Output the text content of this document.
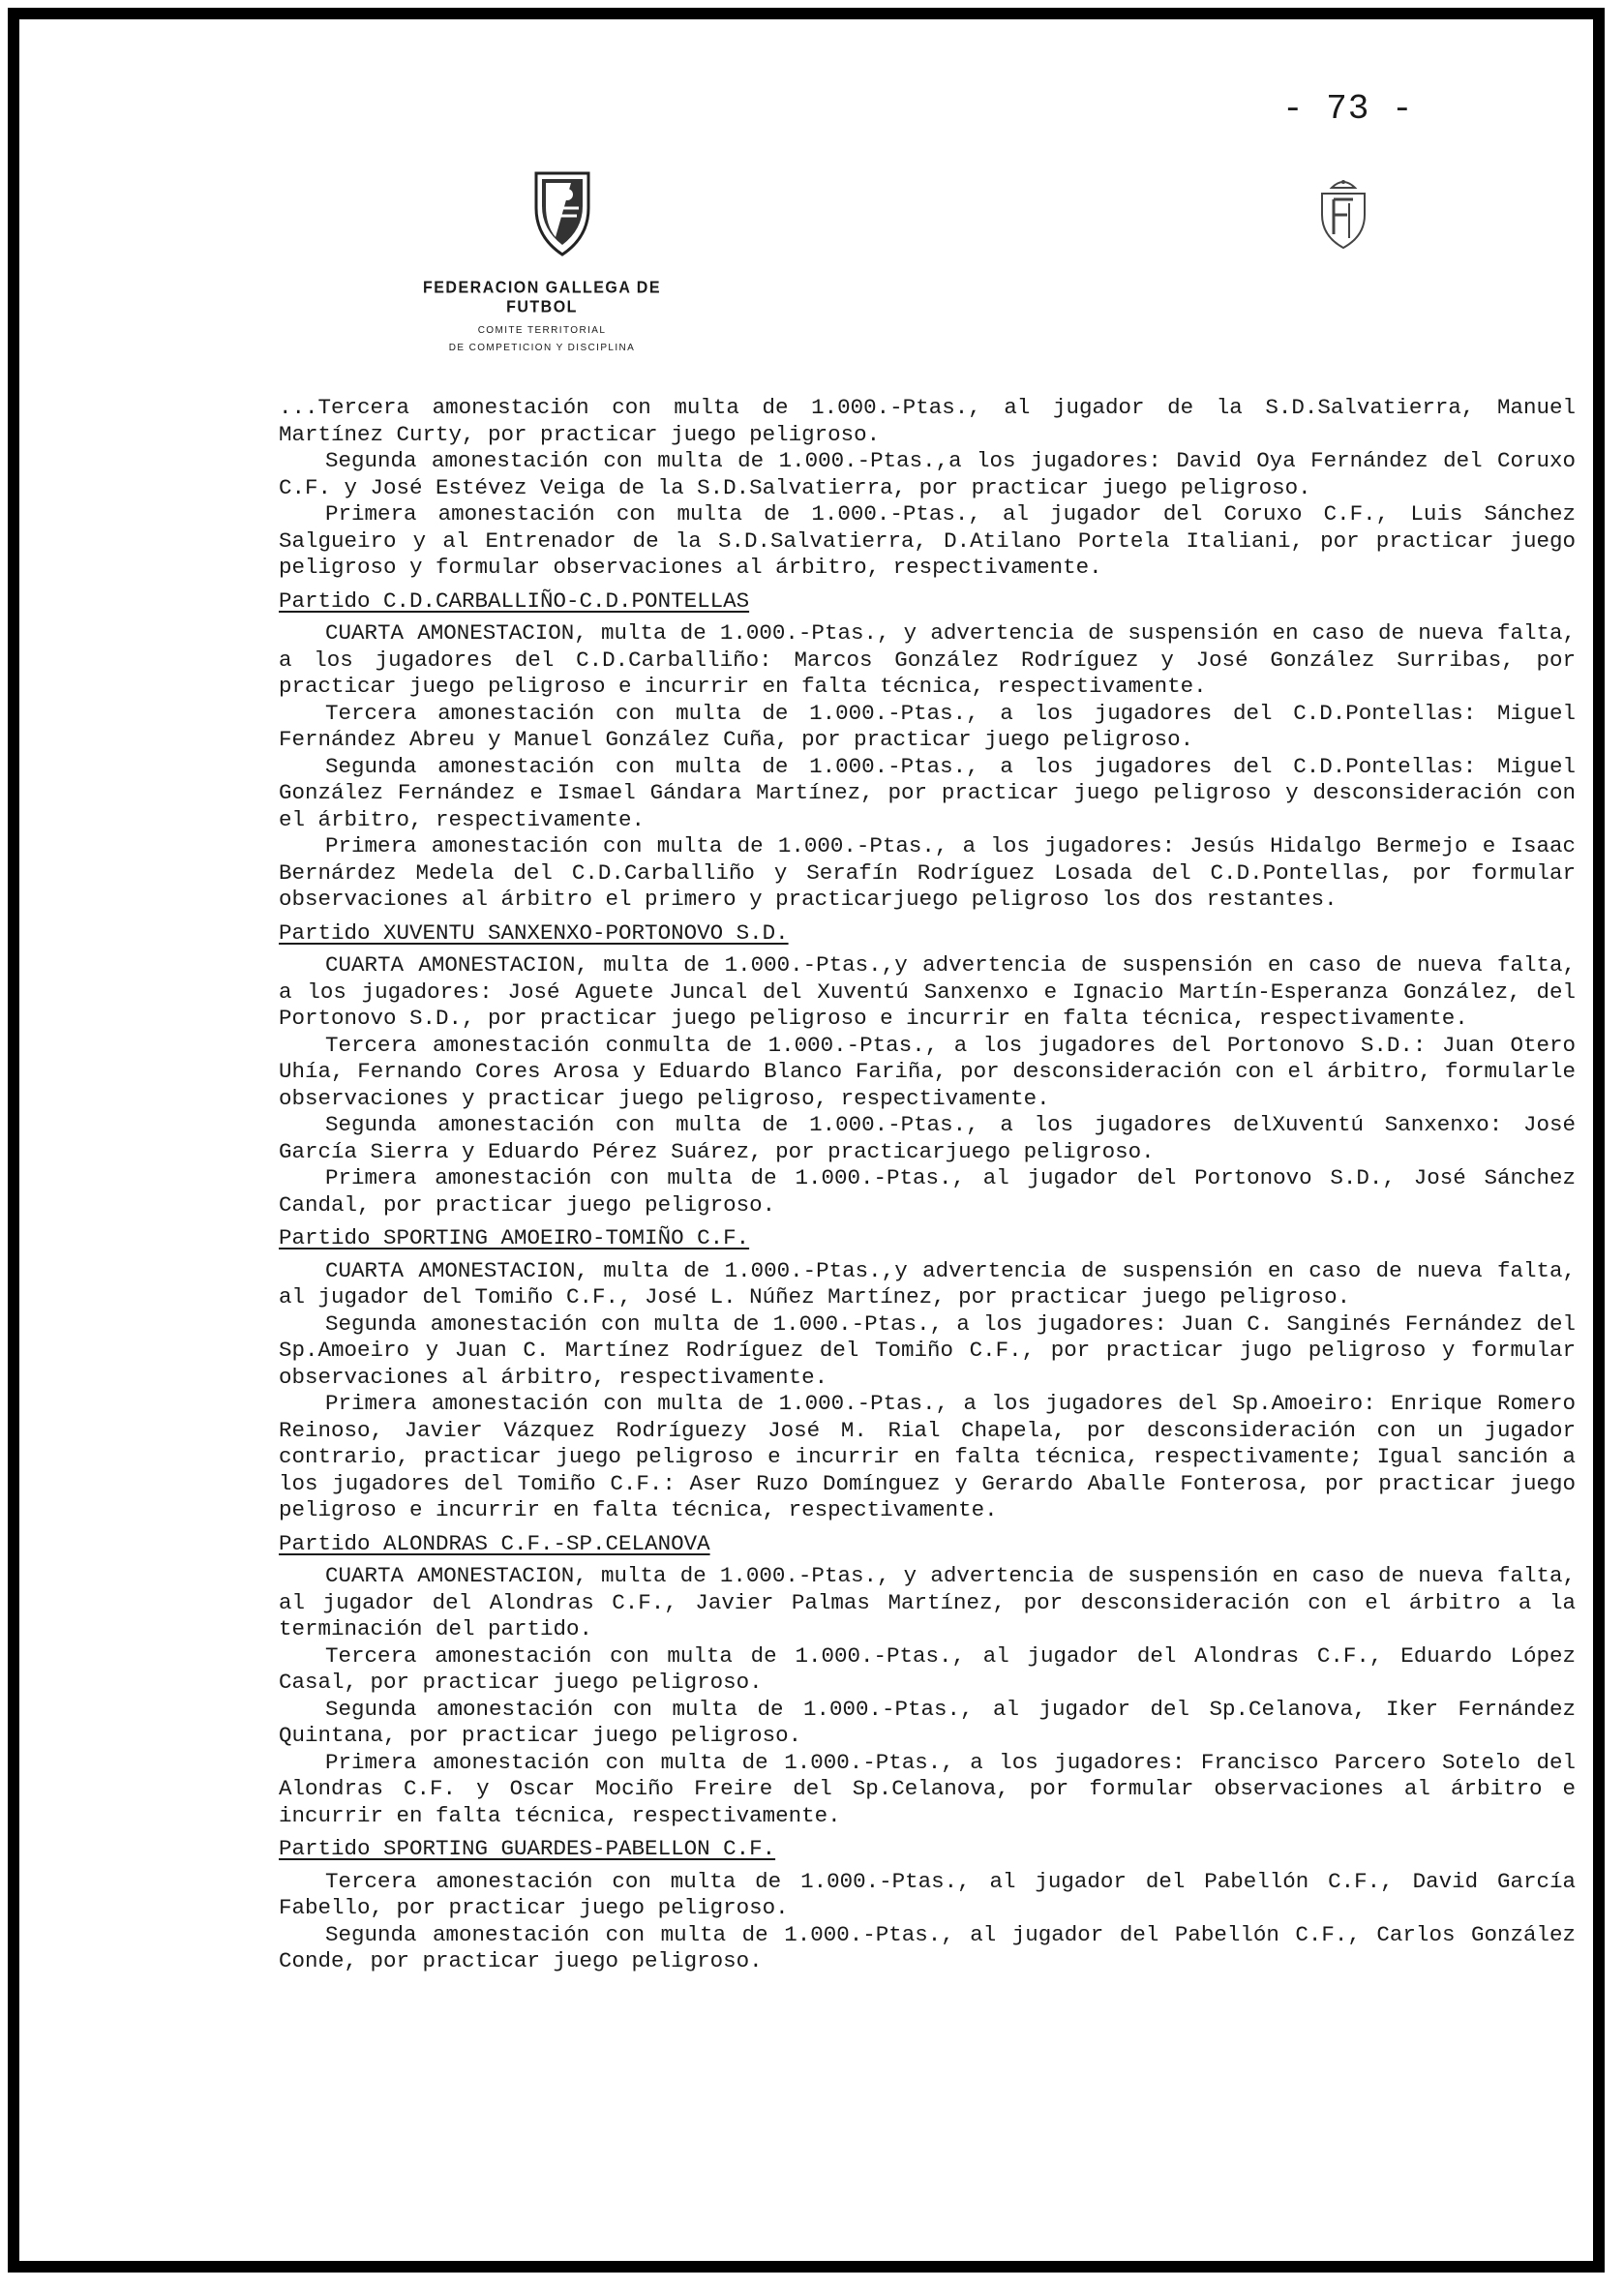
- 73 -
FEDERACION GALLEGA DE FUTBOL
COMITE TERRITORIAL
DE COMPETICION Y DISCIPLINA

...Tercera amonestación con multa de 1.000.-Ptas., al jugador de la S.D.Salvatierra, Manuel Martínez Curty, por practicar juego peligroso.

Segunda amonestación con multa de 1.000.-Ptas.,a los jugadores: David Oya Fernández del Coruxo C.F. y José Estévez Veiga de la S.D.Salvatierra, por practicar juego peligroso.

Primera amonestación con multa de 1.000.-Ptas., al jugador del Coruxo C.F., Luis Sánchez Salgueiro y al Entrenador de la S.D.Salvatierra, D.Atilano Portela Italiani, por practicar juego peligroso y formular observaciones al árbitro, respectivamente.

Partido C.D.CARBALLIÑO-C.D.PONTELLAS

CUARTA AMONESTACION, multa de 1.000.-Ptas., y advertencia de suspensión en caso de nueva falta, a los jugadores del C.D.Carballiño: Marcos González Rodríguez y José González Surribas, por practicar juego peligroso e incurrir en falta técnica, respectivamente.

Tercera amonestación con multa de 1.000.-Ptas., a los jugadores del C.D.Pontellas: Miguel Fernández Abreu y Manuel González Cuña, por practicar juego peligroso.

Segunda amonestación con multa de 1.000.-Ptas., a los jugadores del C.D.Pontellas: Miguel González Fernández e Ismael Gándara Martínez, por practicar juego peligroso y desconsideración con el árbitro, respectivamente.

Primera amonestación con multa de 1.000.-Ptas., a los jugadores: Jesús Hidalgo Bermejo e Isaac Bernárdez Medela del C.D.Carballiño y Serafín Rodríguez Losada del C.D.Pontellas, por formular observaciones al árbitro el primero y practicarjuego peligroso los dos restantes.

Partido XUVENTU SANXENXO-PORTONOVO S.D.

CUARTA AMONESTACION, multa de 1.000.-Ptas.,y advertencia de suspensión en caso de nueva falta, a los jugadores: José Aguete Juncal del Xuventú Sanxenxo e Ignacio Martín-Esperanza González, del Portonovo S.D., por practicar juego peligroso e incurrir en falta técnica, respectivamente.

Tercera amonestación conmulta de 1.000.-Ptas., a los jugadores del Portonovo S.D.: Juan Otero Uhía, Fernando Cores Arosa y Eduardo Blanco Fariña, por desconsideración con el árbitro, formularle observaciones y practicar juego peligroso, respectivamente.

Segunda amonestación con multa de 1.000.-Ptas., a los jugadores delXuventú Sanxenxo: José García Sierra y Eduardo Pérez Suárez, por practicarjuego peligroso.

Primera amonestación con multa de 1.000.-Ptas., al jugador del Portonovo S.D., José Sánchez Candal, por practicar juego peligroso.

Partido SPORTING AMOEIRO-TOMIÑO C.F.

CUARTA AMONESTACION, multa de 1.000.-Ptas.,y advertencia de suspensión en caso de nueva falta, al jugador del Tomiño C.F., José L. Núñez Martínez, por practicar juego peligroso.

Segunda amonestación con multa de 1.000.-Ptas., a los jugadores: Juan C. Sanginés Fernández del Sp.Amoeiro y Juan C. Martínez Rodríguez del Tomiño C.F., por practicar jugo peligroso y formular observaciones al árbitro, respectivamente.

Primera amonestación con multa de 1.000.-Ptas., a los jugadores del Sp.Amoeiro: Enrique Romero Reinoso, Javier Vázquez Rodríguezy José M. Rial Chapela, por desconsideración con un jugador contrario, practicar juego peligroso e incurrir en falta técnica, respectivamente; Igual sanción a los jugadores del Tomiño C.F.: Aser Ruzo Domínguez y Gerardo Aballe Fonterosa, por practicar juego peligroso e incurrir en falta técnica, respectivamente.

Partido ALONDRAS C.F.-SP.CELANOVA

CUARTA AMONESTACION, multa de 1.000.-Ptas., y advertencia de suspensión en caso de nueva falta, al jugador del Alondras C.F., Javier Palmas Martínez, por desconsideración con el árbitro a la terminación del partido.

Tercera amonestación con multa de 1.000.-Ptas., al jugador del Alondras C.F., Eduardo López Casal, por practicar juego peligroso.

Segunda amonestación con multa de 1.000.-Ptas., al jugador del Sp.Celanova, Iker Fernández Quintana, por practicar juego peligroso.

Primera amonestación con multa de 1.000.-Ptas., a los jugadores: Francisco Parcero Sotelo del Alondras C.F. y Oscar Mociño Freire del Sp.Celanova, por formular observaciones al árbitro e incurrir en falta técnica, respectivamente.

Partido SPORTING GUARDES-PABELLON C.F.

Tercera amonestación con multa de 1.000.-Ptas., al jugador del Pabellón C.F., David García Fabello, por practicar juego peligroso.

Segunda amonestación con multa de 1.000.-Ptas., al jugador del Pabellón C.F., Carlos González Conde, por practicar juego peligroso.
